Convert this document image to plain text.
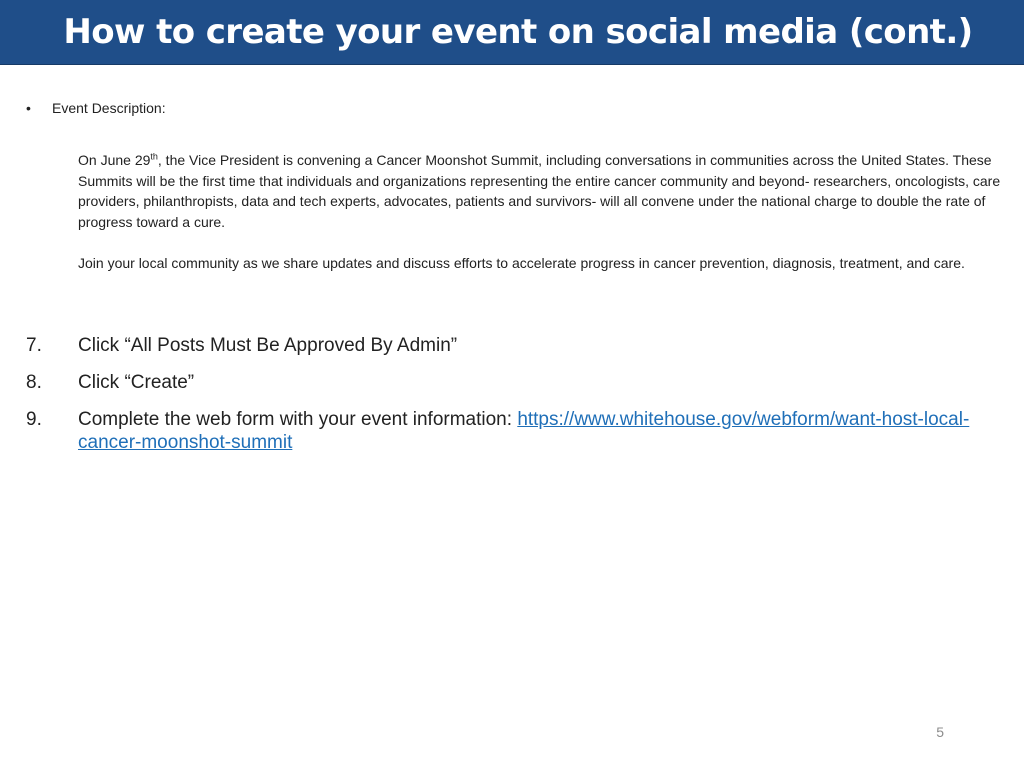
How to create your event on social media (cont.)
• Event Description:
On June 29th, the Vice President is convening a Cancer Moonshot Summit, including conversations in communities across the United States. These Summits will be the first time that individuals and organizations representing the entire cancer community and beyond- researchers, oncologists, care providers, philanthropists, data and tech experts, advocates, patients and survivors- will all convene under the national charge to double the rate of progress toward a cure.
Join your local community as we share updates and discuss efforts to accelerate progress in cancer prevention, diagnosis, treatment, and care.
7.	Click “All Posts Must Be Approved By Admin”
8.	Click “Create”
9.	Complete the web form with your event information: https://www.whitehouse.gov/webform/want-host-local-cancer-moonshot-summit
5
